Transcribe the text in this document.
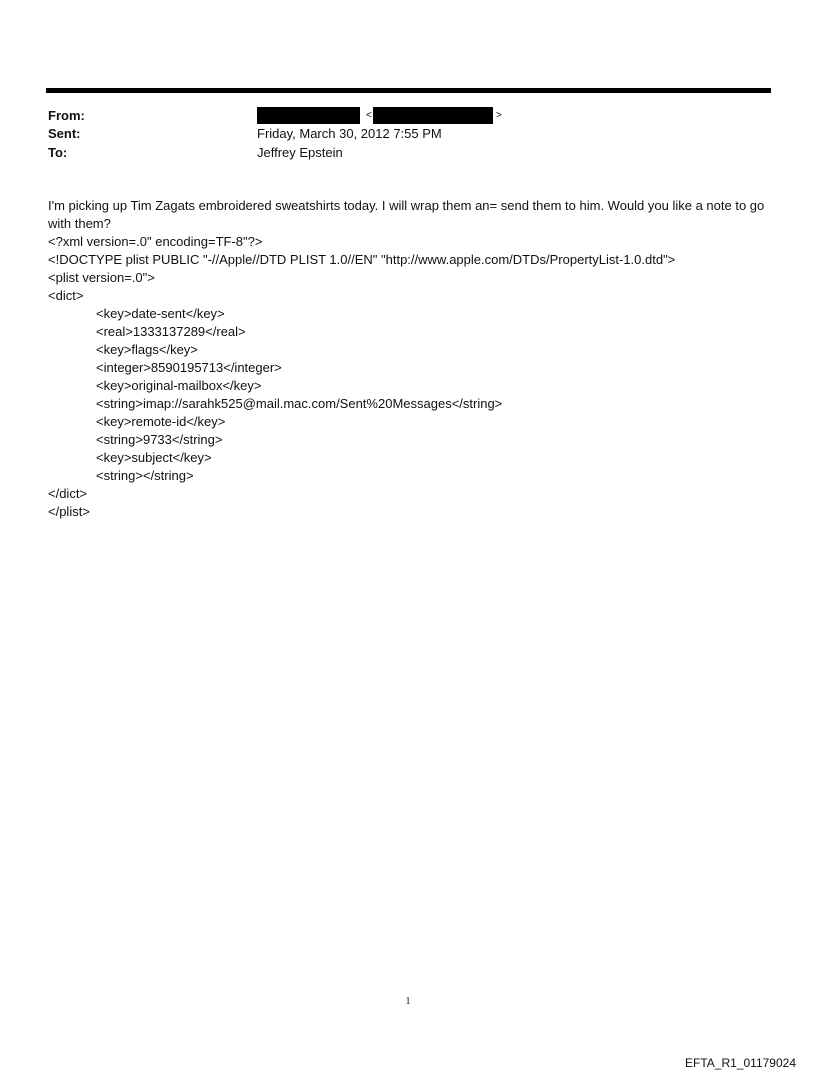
From:	<	>
Sent:	Friday, March 30, 2012 7:55 PM
To:	Jeffrey Epstein
I'm picking up Tim Zagats embroidered sweatshirts today. I will wrap them an= send them to him. Would you like a note to go with them?
<?xml version=.0" encoding=TF-8"?>
<!DOCTYPE plist PUBLIC "-//Apple//DTD PLIST 1.0//EN" "http://www.apple.com/DTDs/PropertyList-1.0.dtd">
<plist version=.0">
<dict>
<key>date-sent</key>
<real>1333137289</real>
<key>flags</key>
<integer>8590195713</integer>
<key>original-mailbox</key>
<string>imap://sarahk525@mail.mac.com/Sent%20Messages</string>
<key>remote-id</key>
<string>9733</string>
<key>subject</key>
<string></string>
</dict>
</plist>
1
EFTA_R1_01179024
